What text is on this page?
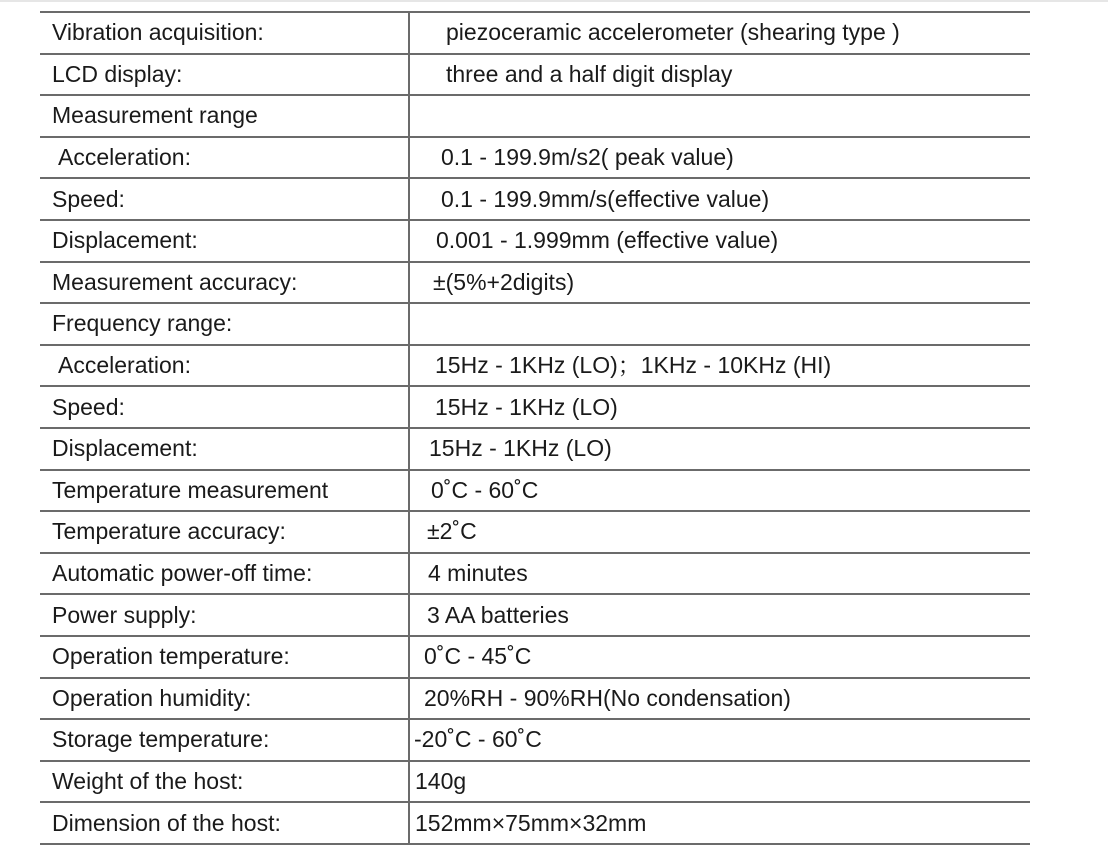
Vibration acquisition:	piezoceramic accelerometer (shearing type )
LCD display:	three and a half digit display
Measurement range	
Acceleration:	0.1 - 199.9m/s2( peak value)
Speed:	0.1 - 199.9mm/s(effective value)
Displacement:	0.001 - 1.999mm (effective value)
Measurement accuracy:	±(5%+2digits)
Frequency range:	
Acceleration:	15Hz - 1KHz (LO)；1KHz - 10KHz (HI)
Speed:	15Hz - 1KHz (LO)
Displacement:	15Hz - 1KHz (LO)
Temperature measurement	0˚C - 60˚C
Temperature accuracy:	±2˚C
Automatic power-off time:	4 minutes
Power supply:	3 AA batteries
Operation temperature:	0˚C - 45˚C
Operation humidity:	20%RH - 90%RH(No condensation)
Storage temperature:	-20˚C - 60˚C
Weight of the host:	140g
Dimension of the host:	152mm×75mm×32mm
